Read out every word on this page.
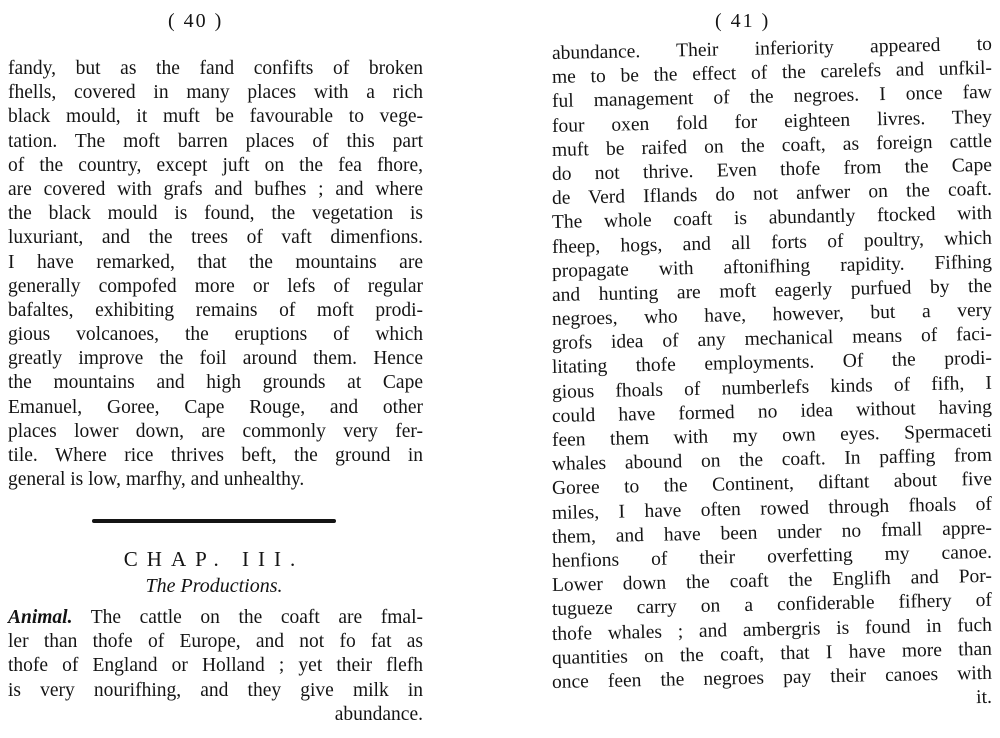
( 40 )
fandy, but as the fand confifts of broken
fhells, covered in many places with a rich
black mould, it muft be favourable to vege-
tation. The moft barren places of this part
of the country, except juft on the fea fhore,
are covered with grafs and bufhes ; and where
the black mould is found, the vegetation is
luxuriant, and the trees of vaft dimenfions.
I have remarked, that the mountains are
generally compofed more or lefs of regular
bafaltes, exhibiting remains of moft prodi-
gious volcanoes, the eruptions of which
greatly improve the foil around them. Hence
the mountains and high grounds at Cape
Emanuel, Goree, Cape Rouge, and other
places lower down, are commonly very fer-
tile. Where rice thrives beft, the ground in
general is low, marfhy, and unhealthy.
CHAP. III.
The Productions.
Animal. The cattle on the coaft are fmal-
ler than thofe of Europe, and not fo fat as
thofe of England or Holland ; yet their flefh
is very nourifhing, and they give milk in
abundance.
( 41 )
abundance. Their inferiority appeared to
me to be the effect of the carelefs and unfkil-
ful management of the negroes. I once faw
four oxen fold for eighteen livres. They
muft be raifed on the coaft, as foreign cattle
do not thrive. Even thofe from the Cape
de Verd Iflands do not anfwer on the coaft.
The whole coaft is abundantly ftocked with
fheep, hogs, and all forts of poultry, which
propagate with aftonifhing rapidity. Fifhing
and hunting are moft eagerly purfued by the
negroes, who have, however, but a very
grofs idea of any mechanical means of faci-
litating thofe employments. Of the prodi-
gious fhoals of numberlefs kinds of fifh, I
could have formed no idea without having
feen them with my own eyes. Spermaceti
whales abound on the coaft. In paffing from
Goree to the Continent, diftant about five
miles, I have often rowed through fhoals of
them, and have been under no fmall appre-
henfions of their overfetting my canoe.
Lower down the coaft the Englifh and Por-
tugueze carry on a confiderable fifhery of
thofe whales ; and ambergris is found in fuch
quantities on the coaft, that I have more than
once feen the negroes pay their canoes with
it.
